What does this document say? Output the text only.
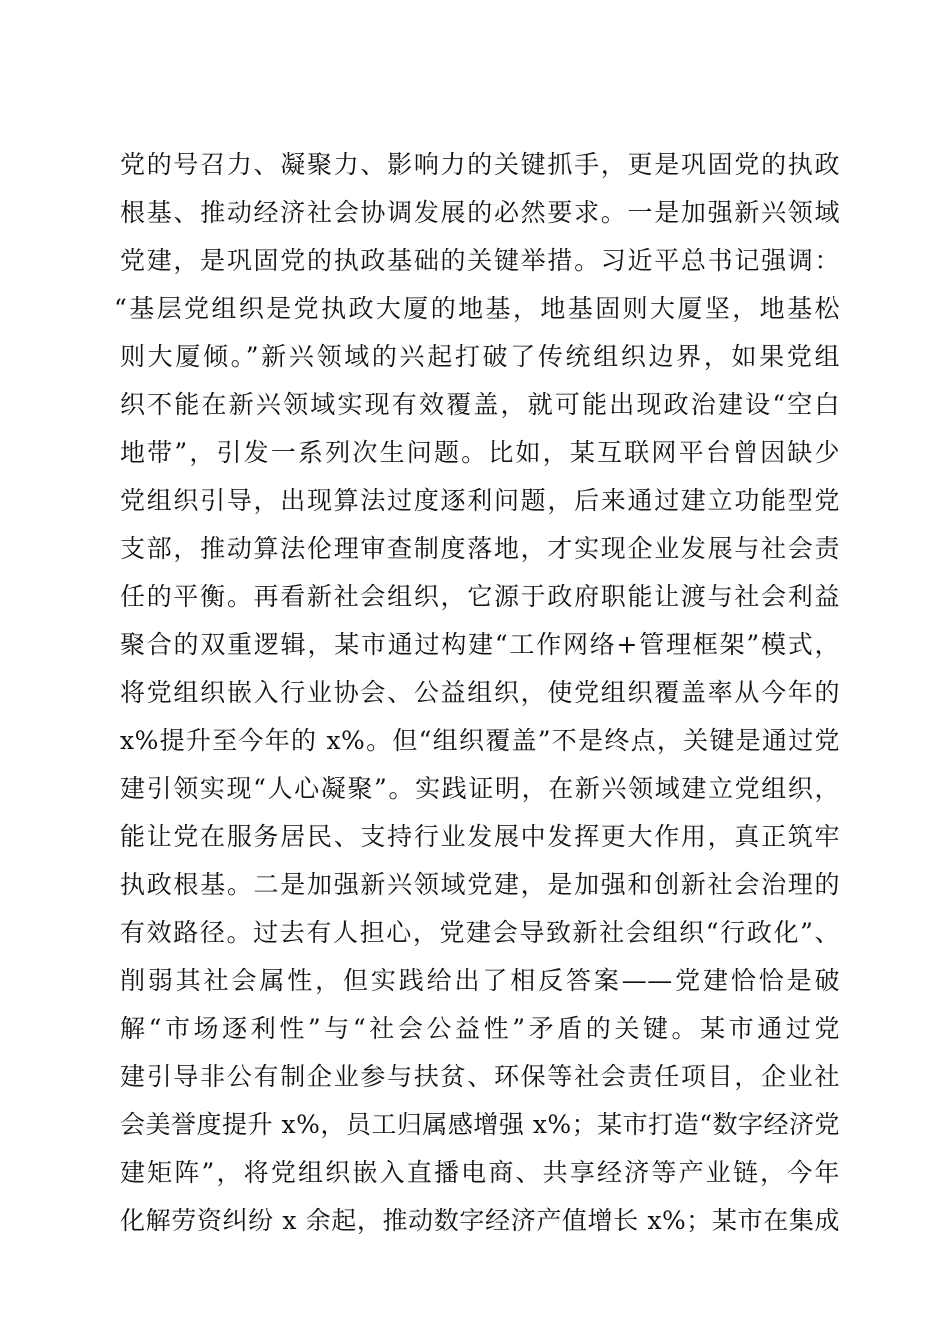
党的号召力、凝聚力、影响力的关键抓手，更是巩固党的执政
根基、推动经济社会协调发展的必然要求。一是加强新兴领域
党建，是巩固党的执政基础的关键举措。习近平总书记强调：
“基层党组织是党执政大厦的地基，地基固则大厦坚，地基松
则大厦倾。”新兴领域的兴起打破了传统组织边界，如果党组
织不能在新兴领域实现有效覆盖，就可能出现政治建设“空白
地带”，引发一系列次生问题。比如，某互联网平台曾因缺少
党组织引导，出现算法过度逐利问题，后来通过建立功能型党
支部，推动算法伦理审查制度落地，才实现企业发展与社会责
任的平衡。再看新社会组织，它源于政府职能让渡与社会利益
聚合的双重逻辑，某市通过构建“工作网络+管理框架”模式，
将党组织嵌入行业协会、公益组织，使党组织覆盖率从今年的
x%提升至今年的 x%。但“组织覆盖”不是终点，关键是通过党
建引领实现“人心凝聚”。实践证明，在新兴领域建立党组织，
能让党在服务居民、支持行业发展中发挥更大作用，真正筑牢
执政根基。二是加强新兴领域党建，是加强和创新社会治理的
有效路径。过去有人担心，党建会导致新社会组织“行政化”、
削弱其社会属性，但实践给出了相反答案——党建恰恰是破
解“市场逐利性”与“社会公益性”矛盾的关键。某市通过党
建引导非公有制企业参与扶贫、环保等社会责任项目，企业社
会美誉度提升 x%，员工归属感增强 x%；某市打造“数字经济党
建矩阵”，将党组织嵌入直播电商、共享经济等产业链，今年
化解劳资纠纷 x 余起，推动数字经济产值增长 x%；某市在集成
